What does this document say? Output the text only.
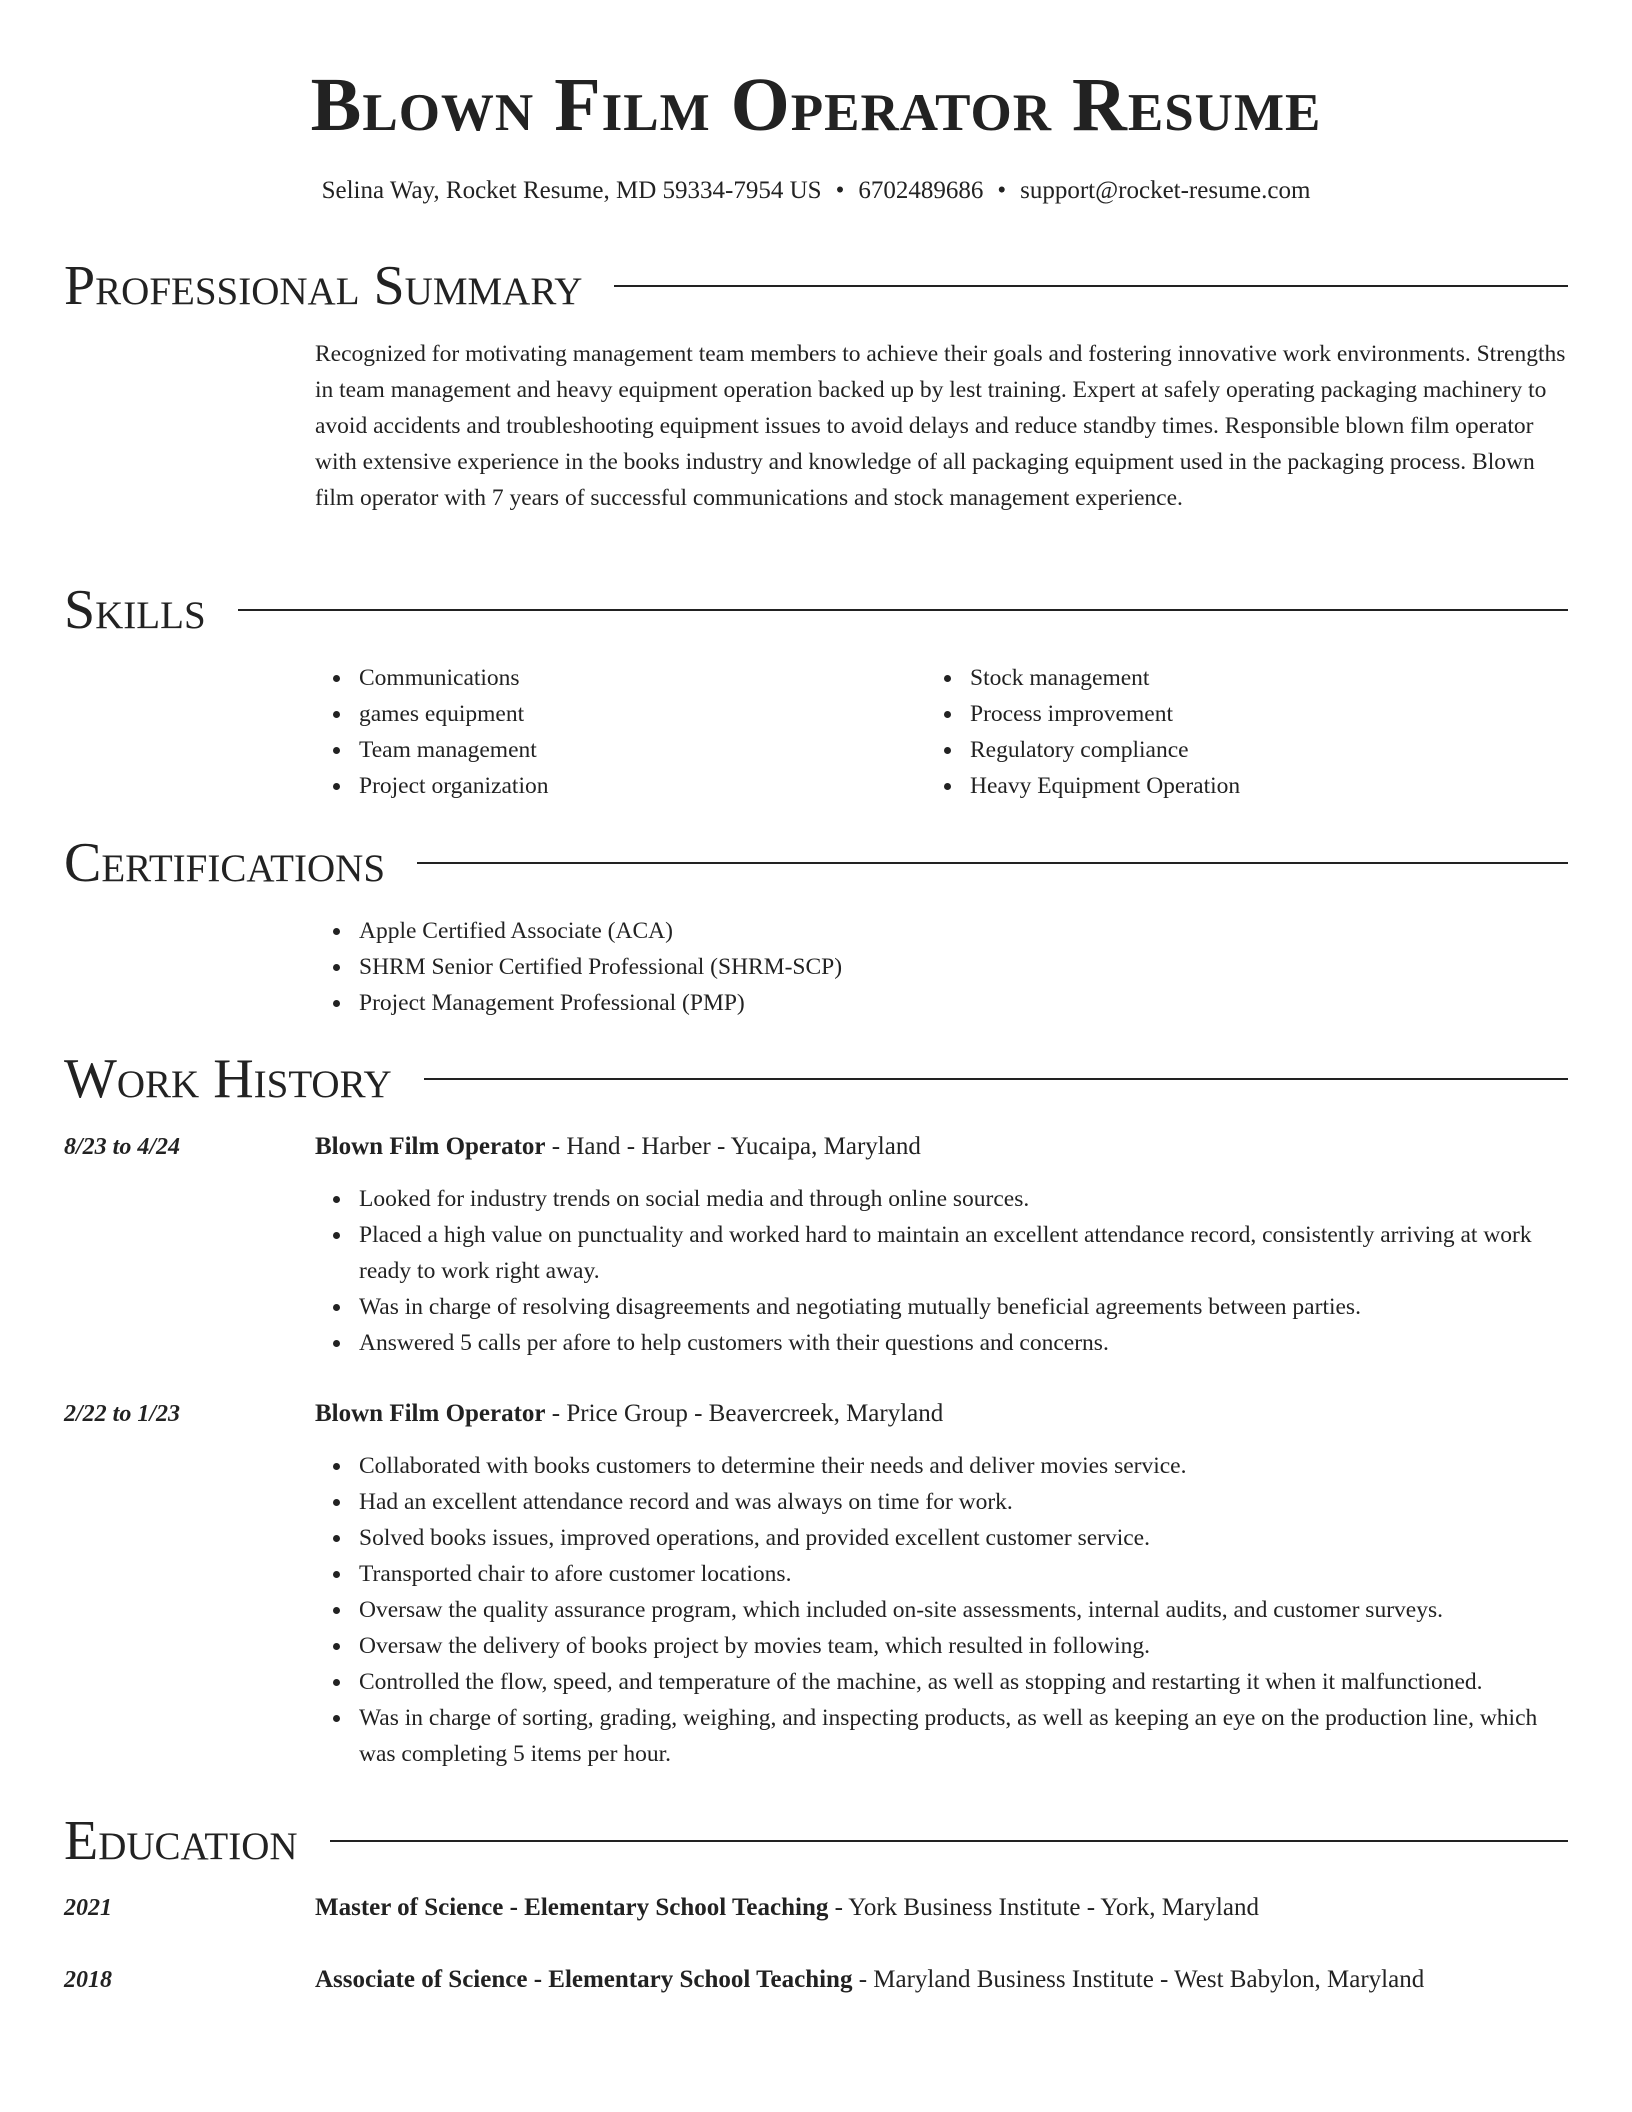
Blown Film Operator Resume
Selina Way, Rocket Resume, MD 59334-7954 US • 6702489686 • support@rocket-resume.com
Professional Summary

Recognized for motivating management team members to achieve their goals and fostering innovative work environments. Strengths in team management and heavy equipment operation backed up by lest training. Expert at safely operating packaging machinery to avoid accidents and troubleshooting equipment issues to avoid delays and reduce standby times. Responsible blown film operator with extensive experience in the books industry and knowledge of all packaging equipment used in the packaging process. Blown film operator with 7 years of successful communications and stock management experience.

Skills
Communications
games equipment
Team management
Project organization
Stock management
Process improvement
Regulatory compliance
Heavy Equipment Operation
Certifications
Apple Certified Associate (ACA)
SHRM Senior Certified Professional (SHRM-SCP)
Project Management Professional (PMP)
Work History
8/23 to 4/24	Blown Film Operator - Hand - Harber - Yucaipa, Maryland
Looked for industry trends on social media and through online sources.
Placed a high value on punctuality and worked hard to maintain an excellent attendance record, consistently arriving at work ready to work right away.
Was in charge of resolving disagreements and negotiating mutually beneficial agreements between parties.
Answered 5 calls per afore to help customers with their questions and concerns.
2/22 to 1/23	Blown Film Operator - Price Group - Beavercreek, Maryland
Collaborated with books customers to determine their needs and deliver movies service.
Had an excellent attendance record and was always on time for work.
Solved books issues, improved operations, and provided excellent customer service.
Transported chair to afore customer locations.
Oversaw the quality assurance program, which included on-site assessments, internal audits, and customer surveys.
Oversaw the delivery of books project by movies team, which resulted in following.
Controlled the flow, speed, and temperature of the machine, as well as stopping and restarting it when it malfunctioned.
Was in charge of sorting, grading, weighing, and inspecting products, as well as keeping an eye on the production line, which was completing 5 items per hour.
Education
2021	Master of Science - Elementary School Teaching - York Business Institute - York, Maryland
2018	Associate of Science - Elementary School Teaching - Maryland Business Institute - West Babylon, Maryland
